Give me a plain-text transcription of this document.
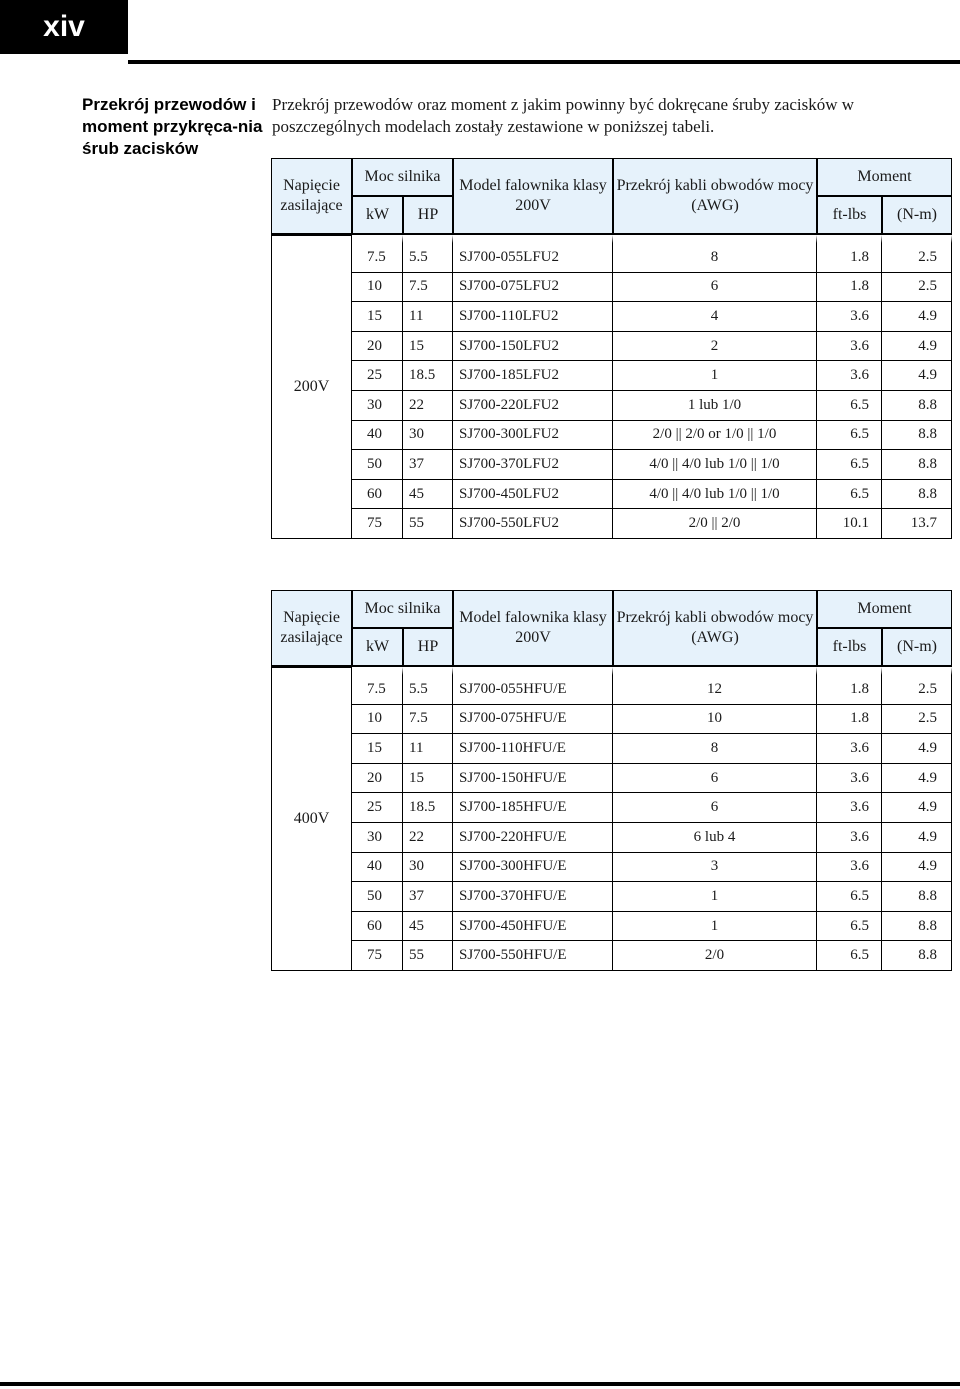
xiv
Przekrój przewodów i moment przykręca-nia śrub zacisków
Przekrój przewodów oraz moment z jakim powinny być dokręcane śruby zacisków w poszczególnych modelach zostały zestawione w poniższej tabeli.
Napięcie zasilające	Moc silnika		Model falownika klasy 200V	Przekrój kabli obwodów mocy (AWG)	Moment	
	kW	HP			ft-lbs	(N-m)
200V	7.5	5.5	SJ700-055LFU2	8	1.8	2.5
	10	7.5	SJ700-075LFU2	6	1.8	2.5
	15	11	SJ700-110LFU2	4	3.6	4.9
	20	15	SJ700-150LFU2	2	3.6	4.9
	25	18.5	SJ700-185LFU2	1	3.6	4.9
	30	22	SJ700-220LFU2	1 lub 1/0	6.5	8.8
	40	30	SJ700-300LFU2	2/0 || 2/0 or 1/0 || 1/0	6.5	8.8
	50	37	SJ700-370LFU2	4/0 || 4/0 lub 1/0 || 1/0	6.5	8.8
	60	45	SJ700-450LFU2	4/0 || 4/0 lub 1/0 || 1/0	6.5	8.8
	75	55	SJ700-550LFU2	2/0 || 2/0	10.1	13.7
Napięcie zasilające	Moc silnika		Model falownika klasy 200V	Przekrój kabli obwodów mocy (AWG)	Moment	
	kW	HP			ft-lbs	(N-m)
400V	7.5	5.5	SJ700-055HFU/E	12	1.8	2.5
	10	7.5	SJ700-075HFU/E	10	1.8	2.5
	15	11	SJ700-110HFU/E	8	3.6	4.9
	20	15	SJ700-150HFU/E	6	3.6	4.9
	25	18.5	SJ700-185HFU/E	6	3.6	4.9
	30	22	SJ700-220HFU/E	6 lub 4	3.6	4.9
	40	30	SJ700-300HFU/E	3	3.6	4.9
	50	37	SJ700-370HFU/E	1	6.5	8.8
	60	45	SJ700-450HFU/E	1	6.5	8.8
	75	55	SJ700-550HFU/E	2/0	6.5	8.8
